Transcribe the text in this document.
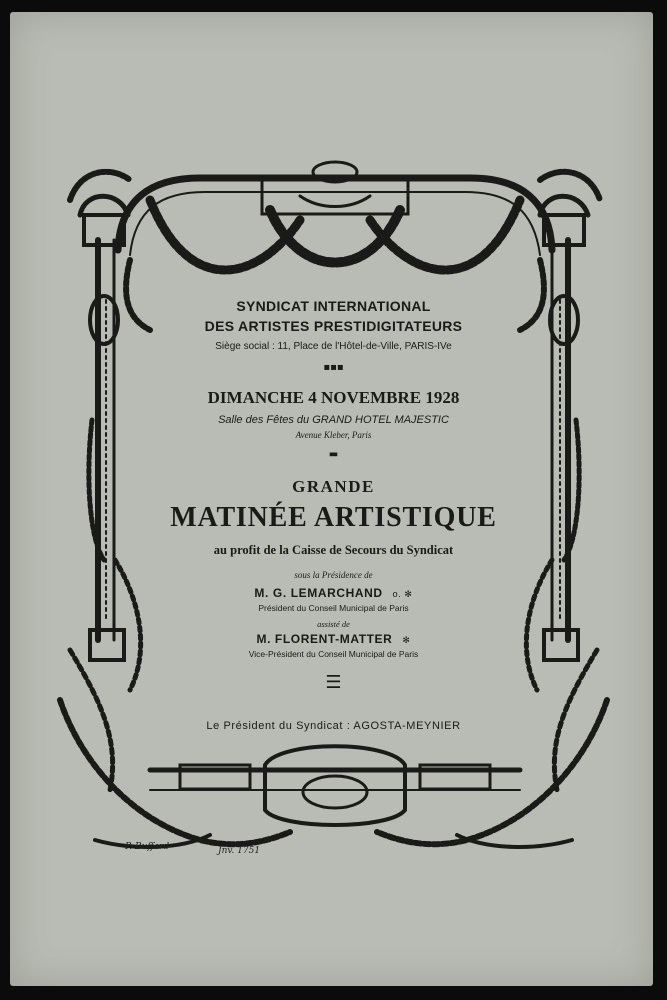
SYNDICAT INTERNATIONAL
DES ARTISTES PRESTIDIGITATEURS
Siège social : 11, Place de l'Hôtel-de-Ville, PARIS-IVe
▪▪▪
DIMANCHE 4 NOVEMBRE 1928
Salle des Fêtes du GRAND HOTEL MAJESTIC
Avenue Kleber, Paris
▬
GRANDE
MATINÉE ARTISTIQUE
au profit de la Caisse de Secours du Syndicat
sous la Présidence de
M. G. LEMARCHAND o. ✻
Président du Conseil Municipal de Paris
assisté de
M. FLORENT-MATTER ✻
Vice-Président du Conseil Municipal de Paris
☰
Le Président du Syndicat : AGOSTA-MEYNIER
P. Buffard	Jnv. 1751
